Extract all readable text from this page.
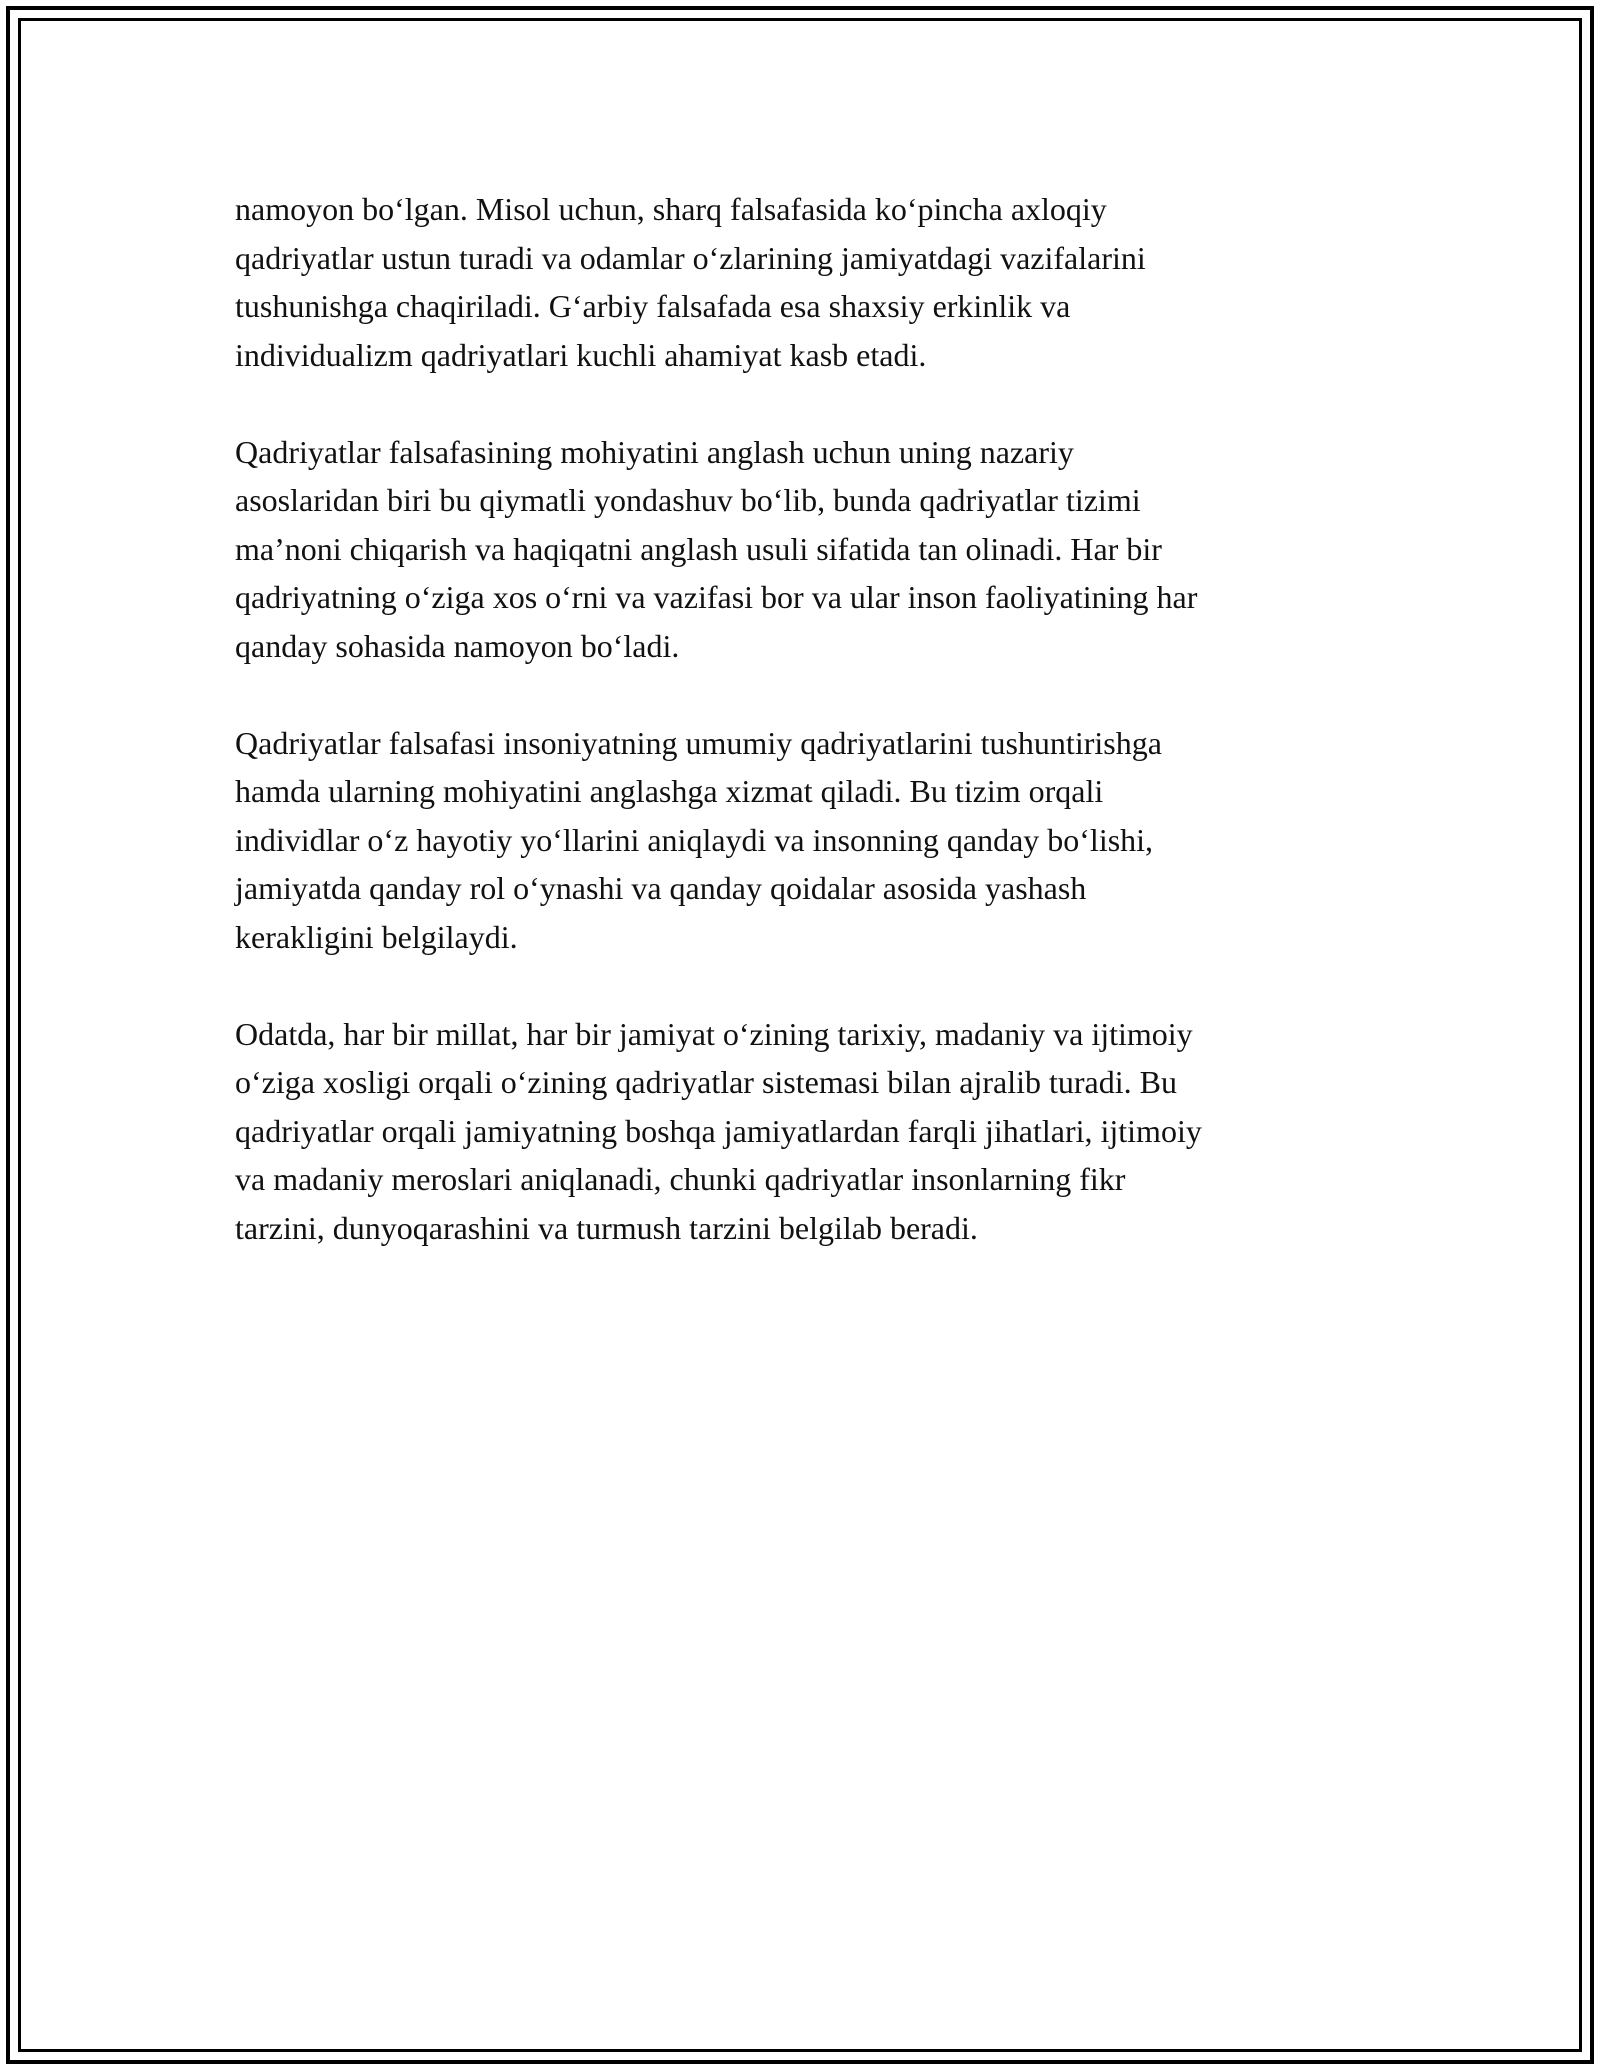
namoyon bo‘lgan. Misol uchun, sharq falsafasida ko‘pincha axloqiy
qadriyatlar ustun turadi va odamlar o‘zlarining jamiyatdagi vazifalarini
tushunishga chaqiriladi. G‘arbiy falsafada esa shaxsiy erkinlik va
individualizm qadriyatlari kuchli ahamiyat kasb etadi.

Qadriyatlar falsafasining mohiyatini anglash uchun uning nazariy
asoslaridan biri bu qiymatli yondashuv bo‘lib, bunda qadriyatlar tizimi
ma’noni chiqarish va haqiqatni anglash usuli sifatida tan olinadi. Har bir
qadriyatning o‘ziga xos o‘rni va vazifasi bor va ular inson faoliyatining har
qanday sohasida namoyon bo‘ladi.

Qadriyatlar falsafasi insoniyatning umumiy qadriyatlarini tushuntirishga
hamda ularning mohiyatini anglashga xizmat qiladi. Bu tizim orqali
individlar o‘z hayotiy yo‘llarini aniqlaydi va insonning qanday bo‘lishi,
jamiyatda qanday rol o‘ynashi va qanday qoidalar asosida yashash
kerakligini belgilaydi.

Odatda, har bir millat, har bir jamiyat o‘zining tarixiy, madaniy va ijtimoiy
o‘ziga xosligi orqali o‘zining qadriyatlar sistemasi bilan ajralib turadi. Bu
qadriyatlar orqali jamiyatning boshqa jamiyatlardan farqli jihatlari, ijtimoiy
va madaniy meroslari aniqlanadi, chunki qadriyatlar insonlarning fikr
tarzini, dunyoqarashini va turmush tarzini belgilab beradi.
